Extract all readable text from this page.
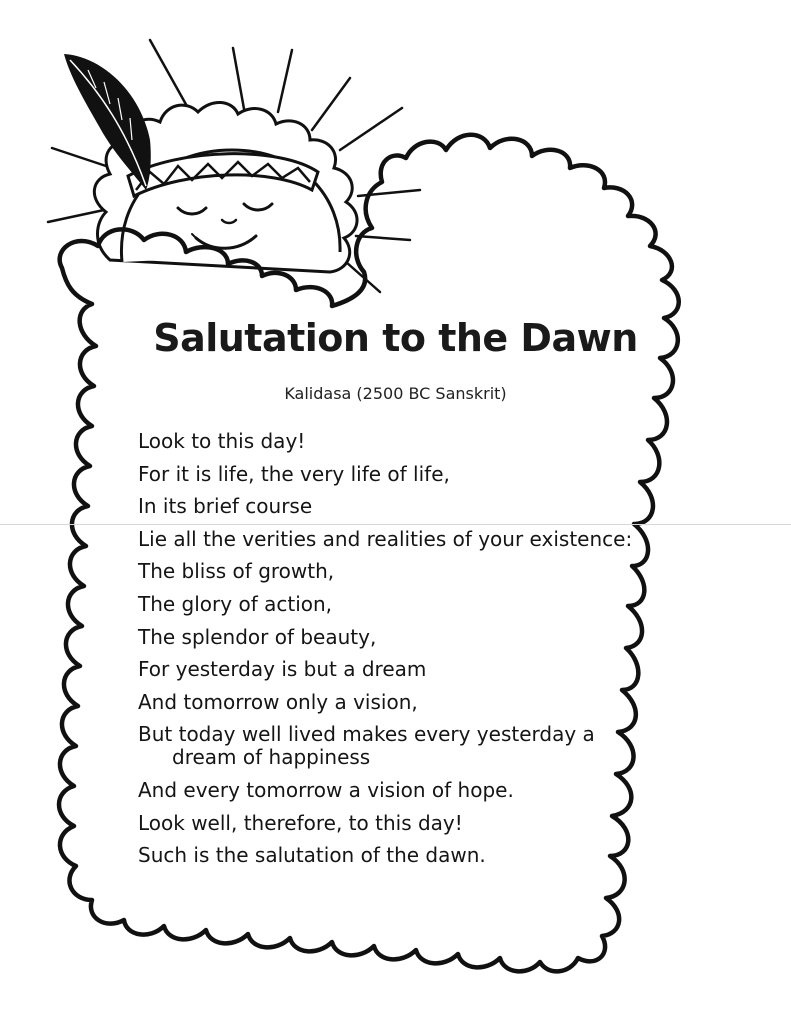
Salutation to the Dawn
Kalidasa (2500 BC Sanskrit)
Look to this day!
For it is life, the very life of life,
In its brief course
Lie all the verities and realities of your existence:
The bliss of growth,
The glory of action,
The splendor of beauty,
For yesterday is but a dream
And tomorrow only a vision,
But today well lived makes every yesterday a dream of happiness
And every tomorrow a vision of hope.
Look well, therefore, to this day!
Such is the salutation of the dawn.
